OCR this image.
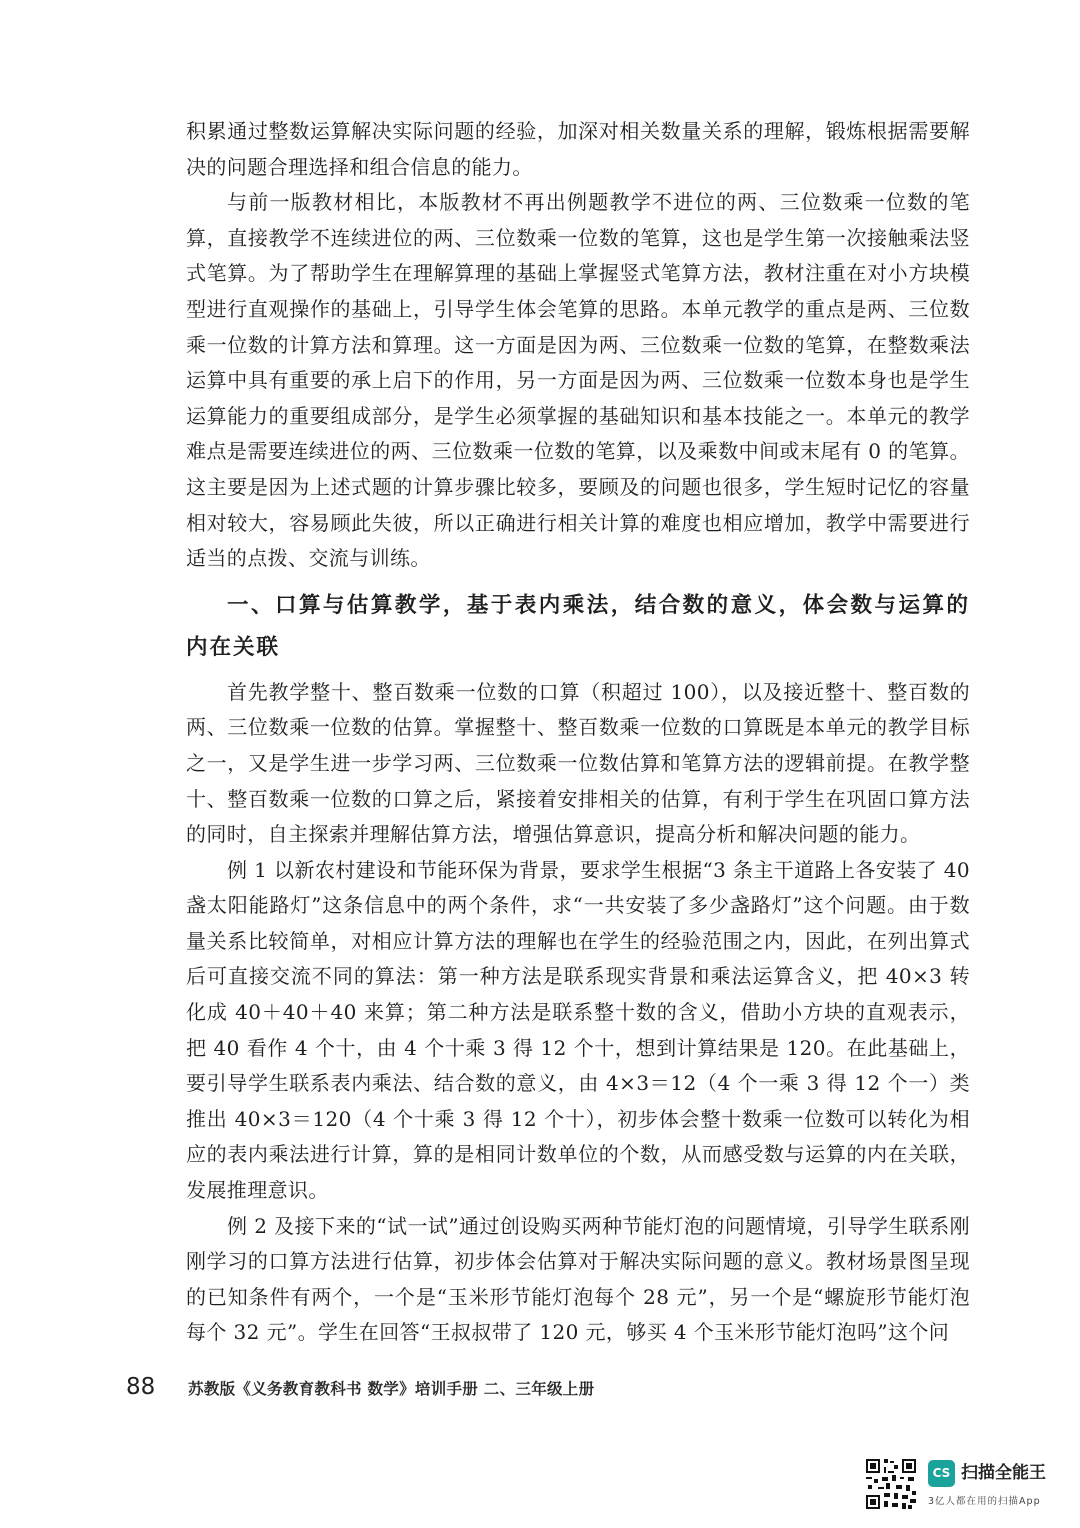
积累通过整数运算解决实际问题的经验，加深对相关数量关系的理解，锻炼根据需要解决的问题合理选择和组合信息的能力。

与前一版教材相比，本版教材不再出例题教学不进位的两、三位数乘一位数的笔算，直接教学不连续进位的两、三位数乘一位数的笔算，这也是学生第一次接触乘法竖式笔算。为了帮助学生在理解算理的基础上掌握竖式笔算方法，教材注重在对小方块模型进行直观操作的基础上，引导学生体会笔算的思路。本单元教学的重点是两、三位数乘一位数的计算方法和算理。这一方面是因为两、三位数乘一位数的笔算，在整数乘法运算中具有重要的承上启下的作用，另一方面是因为两、三位数乘一位数本身也是学生运算能力的重要组成部分，是学生必须掌握的基础知识和基本技能之一。本单元的教学难点是需要连续进位的两、三位数乘一位数的笔算，以及乘数中间或末尾有 0 的笔算。这主要是因为上述式题的计算步骤比较多，要顾及的问题也很多，学生短时记忆的容量相对较大，容易顾此失彼，所以正确进行相关计算的难度也相应增加，教学中需要进行适当的点拨、交流与训练。

一、口算与估算教学，基于表内乘法，结合数的意义，体会数与运算的内在关联

首先教学整十、整百数乘一位数的口算（积超过 100），以及接近整十、整百数的两、三位数乘一位数的估算。掌握整十、整百数乘一位数的口算既是本单元的教学目标之一，又是学生进一步学习两、三位数乘一位数估算和笔算方法的逻辑前提。在教学整十、整百数乘一位数的口算之后，紧接着安排相关的估算，有利于学生在巩固口算方法的同时，自主探索并理解估算方法，增强估算意识，提高分析和解决问题的能力。

例 1 以新农村建设和节能环保为背景，要求学生根据“3 条主干道路上各安装了 40 盏太阳能路灯”这条信息中的两个条件，求“一共安装了多少盏路灯”这个问题。由于数量关系比较简单，对相应计算方法的理解也在学生的经验范围之内，因此，在列出算式后可直接交流不同的算法：第一种方法是联系现实背景和乘法运算含义，把 40×3 转化成 40＋40＋40 来算；第二种方法是联系整十数的含义，借助小方块的直观表示，把 40 看作 4 个十，由 4 个十乘 3 得 12 个十，想到计算结果是 120。在此基础上，要引导学生联系表内乘法、结合数的意义，由 4×3＝12（4 个一乘 3 得 12 个一）类推出 40×3＝120（4 个十乘 3 得 12 个十），初步体会整十数乘一位数可以转化为相应的表内乘法进行计算，算的是相同计数单位的个数，从而感受数与运算的内在关联，发展推理意识。

例 2 及接下来的“试一试”通过创设购买两种节能灯泡的问题情境，引导学生联系刚刚学习的口算方法进行估算，初步体会估算对于解决实际问题的意义。教材场景图呈现的已知条件有两个，一个是“玉米形节能灯泡每个 28 元”，另一个是“螺旋形节能灯泡每个 32 元”。学生在回答“王叔叔带了 120 元，够买 4 个玉米形节能灯泡吗”这个问

88	苏教版《义务教育教科书 数学》培训手册 二、三年级上册
CS 扫描全能王
3亿人都在用的扫描App
